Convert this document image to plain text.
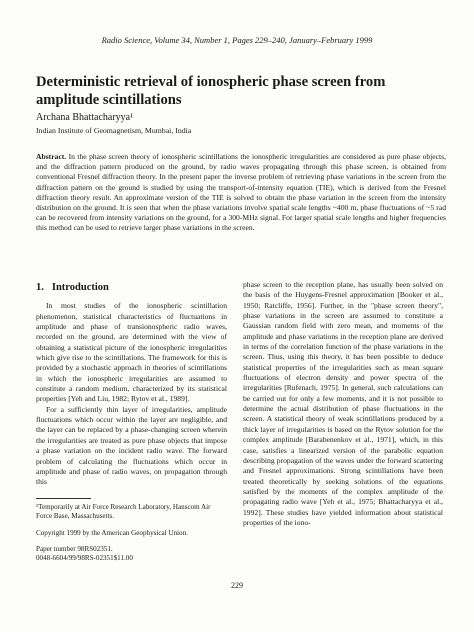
Radio Science, Volume 34, Number 1, Pages 229–240, January–February 1999
Deterministic retrieval of ionospheric phase screen from amplitude scintillations
Archana Bhattacharyya¹
Indian Institute of Geomagnetism, Mumbai, India
Abstract. In the phase screen theory of ionospheric scintillations the ionospheric irregularities are considered as pure phase objects, and the diffraction pattern produced on the ground, by radio waves propagating through this phase screen, is obtained from conventional Fresnel diffraction theory. In the present paper the inverse problem of retrieving phase variations in the screen from the diffraction pattern on the ground is studied by using the transport-of-intensity equation (TIE), which is derived from the Fresnel diffraction theory result. An approximate version of the TIE is solved to obtain the phase variation in the screen from the intensity distribution on the ground. It is seen that when the phase variations involve spatial scale lengths ~400 m, phase fluctuations of ~5 rad can be recovered from intensity variations on the ground, for a 300-MHz signal. For larger spatial scale lengths and higher frequencies this method can be used to retrieve larger phase variations in the screen.
1. Introduction

In most studies of the ionospheric scintillation phenomenon, statistical characteristics of fluctuations in amplitude and phase of transionospheric radio waves, recorded on the ground, are determined with the view of obtaining a statistical picture of the ionospheric irregularities which give rise to the scintillations. The framework for this is provided by a stochastic approach in theories of scintillations in which the ionospheric irregularities are assumed to constitute a random medium, characterized by its statistical properties [Yeh and Liu, 1982; Rytov et al., 1989].

For a sufficiently thin layer of irregularities, amplitude fluctuations which occur within the layer are negligible, and the layer can be replaced by a phase-changing screen wherein the irregularities are treated as pure phase objects that impose a phase variation on the incident radio wave. The forward problem of calculating the fluctuations which occur in amplitude and phase of radio waves, on propagation through this

¹Temporarily at Air Force Research Laboratory, Hanscom Air Force Base, Massachusetts.

Copyright 1999 by the American Geophysical Union.

Paper number 98RS02351.

0048-6604/99/98RS-02351$11.00

phase screen to the reception plane, has usually been solved on the basis of the Huygens-Fresnel approximation [Booker et al., 1950; Ratcliffe, 1956]. Further, in the "phase screen theory", phase variations in the screen are assumed to constitute a Gaussian random field with zero mean, and moments of the amplitude and phase variations in the reception plane are derived in terms of the correlation function of the phase variations in the screen. Thus, using this theory, it has been possible to deduce statistical properties of the irregularities such as mean square fluctuations of electron density and power spectra of the irregularities [Rufenach, 1975]. In general, such calculations can be carried out for only a few moments, and it is not possible to determine the actual distribution of phase fluctuations in the screen. A statistical theory of weak scintillations produced by a thick layer of irregularities is based on the Rytov solution for the complex amplitude [Barabenenkov et al., 1971], which, in this case, satisfies a linearized version of the parabolic equation describing propagation of the waves under the forward scattering and Fresnel approximations. Strong scintillations have been treated theoretically by seeking solutions of the equations satisfied by the moments of the complex amplitude of the propagating radio wave [Yeh et al., 1975; Bhattacharyya et al., 1992]. These studies have yielded information about statistical properties of the iono-

229
